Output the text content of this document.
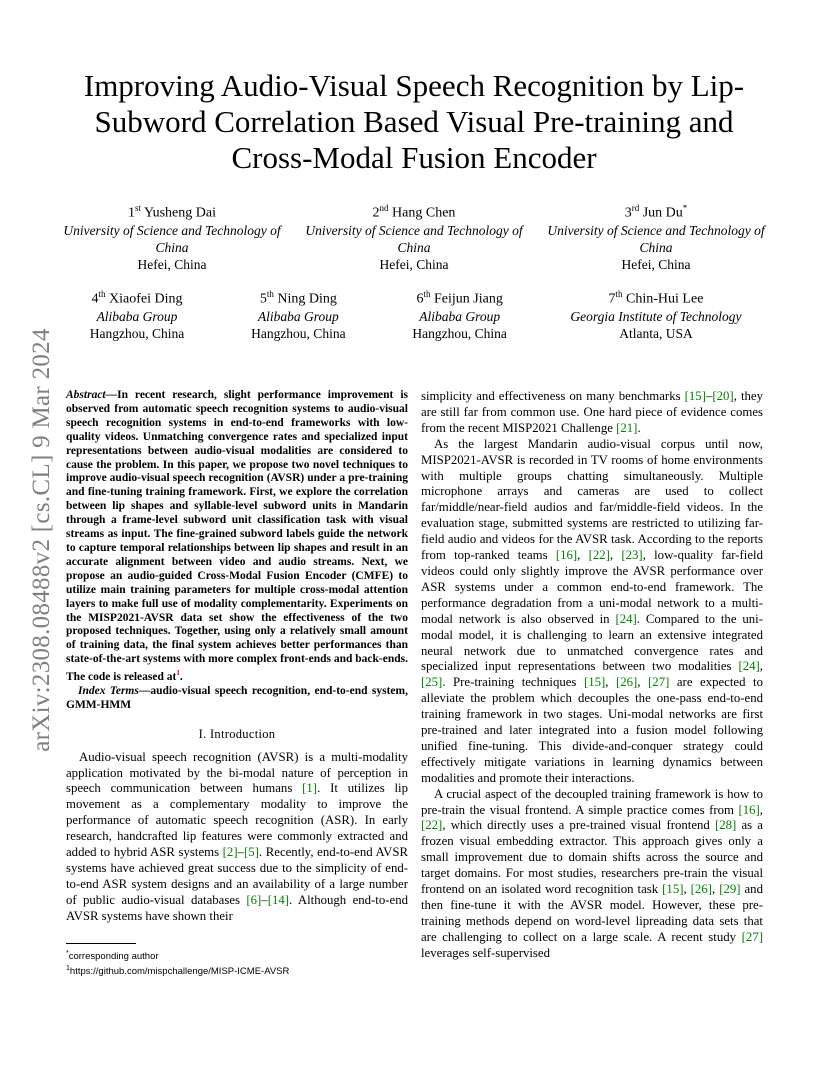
arXiv:2308.08488v2 [cs.CL] 9 Mar 2024
Improving Audio-Visual Speech Recognition by Lip-Subword Correlation Based Visual Pre-training and Cross-Modal Fusion Encoder
1st Yusheng Dai
University of Science and Technology of China
Hefei, China
2nd Hang Chen
University of Science and Technology of China
Hefei, China
3rd Jun Du*
University of Science and Technology of China
Hefei, China
4th Xiaofei Ding
Alibaba Group
Hangzhou, China
5th Ning Ding
Alibaba Group
Hangzhou, China
6th Feijun Jiang
Alibaba Group
Hangzhou, China
7th Chin-Hui Lee
Georgia Institute of Technology
Atlanta, USA

Abstract—In recent research, slight performance improvement is observed from automatic speech recognition systems to audio-visual speech recognition systems in end-to-end frameworks with low-quality videos. Unmatching convergence rates and specialized input representations between audio-visual modalities are considered to cause the problem. In this paper, we propose two novel techniques to improve audio-visual speech recognition (AVSR) under a pre-training and fine-tuning training framework. First, we explore the correlation between lip shapes and syllable-level subword units in Mandarin through a frame-level subword unit classification task with visual streams as input. The fine-grained subword labels guide the network to capture temporal relationships between lip shapes and result in an accurate alignment between video and audio streams. Next, we propose an audio-guided Cross-Modal Fusion Encoder (CMFE) to utilize main training parameters for multiple cross-modal attention layers to make full use of modality complementarity. Experiments on the MISP2021-AVSR data set show the effectiveness of the two proposed techniques. Together, using only a relatively small amount of training data, the final system achieves better performances than state-of-the-art systems with more complex front-ends and back-ends. The code is released at$^1$.

Index Terms—audio-visual speech recognition, end-to-end system, GMM-HMM

I. Introduction

Audio-visual speech recognition (AVSR) is a multi-modality application motivated by the bi-modal nature of perception in speech communication between humans [1]. It utilizes lip movement as a complementary modality to improve the performance of automatic speech recognition (ASR). In early research, handcrafted lip features were commonly extracted and added to hybrid ASR systems [2]–[5]. Recently, end-to-end AVSR systems have achieved great success due to the simplicity of end-to-end ASR system designs and an availability of a large number of public audio-visual databases [6]–[14]. Although end-to-end AVSR systems have shown their

*corresponding author

$^1$https://github.com/mispchallenge/MISP-ICME-AVSR

simplicity and effectiveness on many benchmarks [15]–[20], they are still far from common use. One hard piece of evidence comes from the recent MISP2021 Challenge [21].

As the largest Mandarin audio-visual corpus until now, MISP2021-AVSR is recorded in TV rooms of home environments with multiple groups chatting simultaneously. Multiple microphone arrays and cameras are used to collect far/middle/near-field audios and far/middle-field videos. In the evaluation stage, submitted systems are restricted to utilizing far-field audio and videos for the AVSR task. According to the reports from top-ranked teams [16], [22], [23], low-quality far-field videos could only slightly improve the AVSR performance over ASR systems under a common end-to-end framework. The performance degradation from a uni-modal network to a multi-modal network is also observed in [24]. Compared to the uni-modal model, it is challenging to learn an extensive integrated neural network due to unmatched convergence rates and specialized input representations between two modalities [24], [25]. Pre-training techniques [15], [26], [27] are expected to alleviate the problem which decouples the one-pass end-to-end training framework in two stages. Uni-modal networks are first pre-trained and later integrated into a fusion model following unified fine-tuning. This divide-and-conquer strategy could effectively mitigate variations in learning dynamics between modalities and promote their interactions.

A crucial aspect of the decoupled training framework is how to pre-train the visual frontend. A simple practice comes from [16], [22], which directly uses a pre-trained visual frontend [28] as a frozen visual embedding extractor. This approach gives only a small improvement due to domain shifts across the source and target domains. For most studies, researchers pre-train the visual frontend on an isolated word recognition task [15], [26], [29] and then fine-tune it with the AVSR model. However, these pre-training methods depend on word-level lipreading data sets that are challenging to collect on a large scale. A recent study [27] leverages self-supervised
